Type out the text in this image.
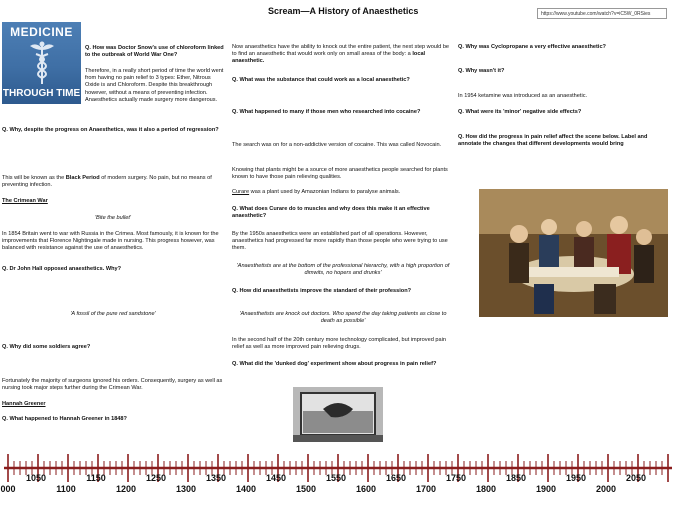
Scream—A History of Anaesthetics	https://www.youtube.com/watch?v=iC5W_0RSies
MEDICINE
THROUGH TIME
Q. How was Doctor Snow's use of chloroform linked to the outbreak of World War One?
Therefore, in a really short period of time the world went from having no pain relief to 3 types: Ether, Nitrous Oxide is and Chloroform. Despite this breakthrough however, without a means of preventing infection. Anaesthetics actually made surgery more dangerous.
Q. Why, despite the progress on Anaesthetics, was it also a period of regression?
This will be known as the Black Period of modern surgery. No pain, but no means of preventing infection.
The Crimean War
'Bite the bullet'
In 1854 Britain went to war with Russia in the Crimea. Most famously, it is known for the improvements that Florence Nightingale made in nursing. This progress however, was balanced with resistance against the use of anaesthetics.
Q. Dr John Hall opposed anaesthetics. Why?
'A fossil of the pure red sandstone'
Q. Why did some soldiers agree?
Fortunately the majority of surgeons ignored his orders. Consequently, surgery as well as nursing took major steps further during the Crimean War.
Hannah Greener
Q. What happened to Hannah Greener in 1848?
Now anaesthetics have the ability to knock out the entire patient, the next step would be to find an anaesthetic that would work only on small areas of the body: a local anaesthetic.
Q. What was the substance that could work as a local anaesthetic?
Q. What happened to many if those men who researched into cocaine?
The search was on for a non-addictive version of cocaine. This was called Novocain.
Knowing that plants might be a source of more anaesthetics people searched for plants known to have those pain relieving qualities.
Curare was a plant used by Amazonian Indians to paralyse animals.
Q. What does Curare do to muscles and why does this make it an effective anaesthetic?
By the 1950s anaesthetics were an established part of all operations. However, anaesthetics had progressed far more rapidly than those people who were trying to use them.
'Anaesthetists are at the bottom of the professional hierarchy, with a high proportion of dimwits, no hopers and drunks'
Q. How did anaesthetists improve the standard of their profession?
'Anaesthetists are knock out doctors. Who spend the day taking patients as close to death as possible'
In the second half of the 20th century more technology complicated, but improved pain relief as well as more improved pain relieving drugs.
Q. What did the 'dunked dog' experiment show about progress in pain relief?
Q. Why was Cyclopropane a very effective anaesthetic?
Q. Why wasn't it?
In 1954 ketamine was introduced as an anaesthetic.
Q. What were its 'minor' negative side effects?
Q. How did the progress in pain relief affect the scene below. Label and annotate the changes that different developments would bring
1050	1150	1250	1350	1450	1550	1650	1750	1850	1950	2050
000	1100	1200	1300	1400	1500	1600	1700	1800	1900	2000
